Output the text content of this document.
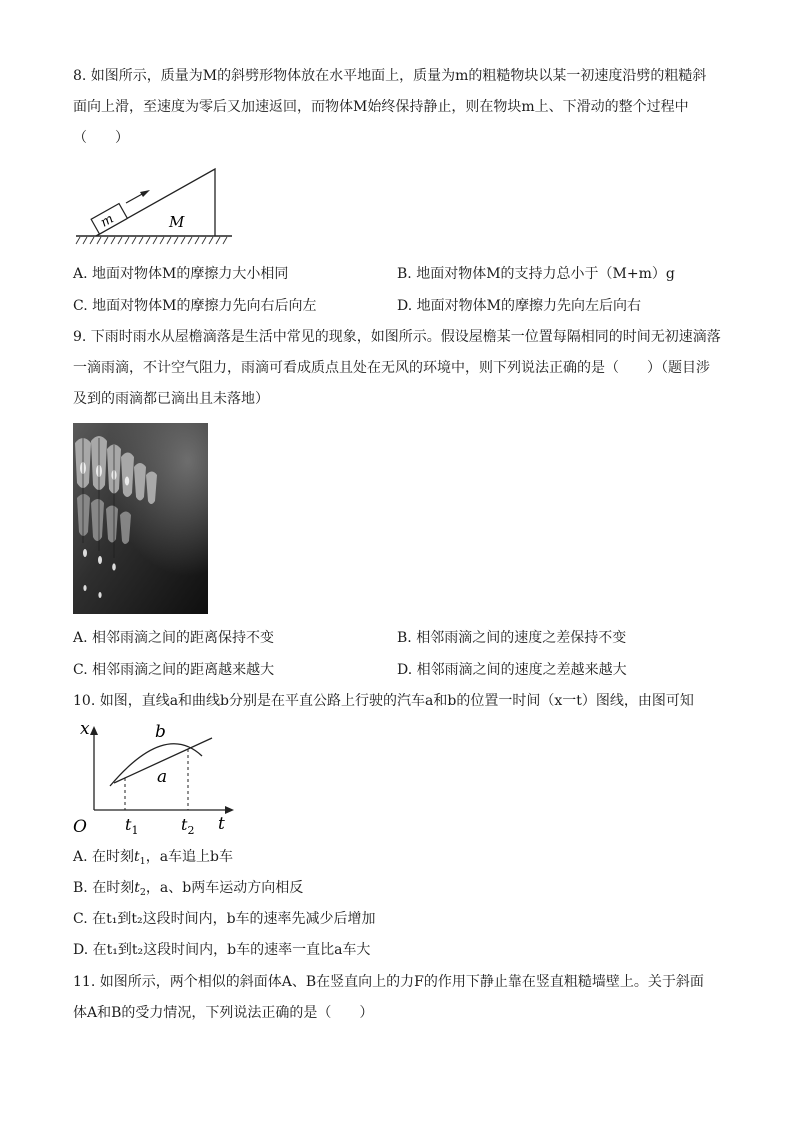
8. 如图所示，质量为M的斜劈形物体放在水平地面上，质量为m的粗糙物块以某一初速度沿劈的粗糙斜
面向上滑，至速度为零后又加速返回，而物体M始终保持静止，则在物块m上、下滑动的整个过程中
（　　）
m	M
A. 地面对物体M的摩擦力大小相同	B. 地面对物体M的支持力总小于（M+m）g
C. 地面对物体M的摩擦力先向右后向左	D. 地面对物体M的摩擦力先向左后向右
9. 下雨时雨水从屋檐滴落是生活中常见的现象，如图所示。假设屋檐某一位置每隔相同的时间无初速滴落
一滴雨滴，不计空气阻力，雨滴可看成质点且处在无风的环境中，则下列说法正确的是（　　）（题目涉
及到的雨滴都已滴出且未落地）
A. 相邻雨滴之间的距离保持不变	B. 相邻雨滴之间的速度之差保持不变
C. 相邻雨滴之间的距离越来越大	D. 相邻雨滴之间的速度之差越来越大
10. 如图，直线a和曲线b分别是在平直公路上行驶的汽车a和b的位置一时间（x一t）图线，由图可知
x
t
O
b
a
$t_1$	$t_2$
A. 在时刻$t_1$，a车追上b车
B. 在时刻$t_2$，a、b两车运动方向相反
C. 在t₁到t₂这段时间内，b车的速率先减少后增加
D. 在t₁到t₂这段时间内，b车的速率一直比a车大
11. 如图所示，两个相似的斜面体A、B在竖直向上的力F的作用下静止靠在竖直粗糙墙壁上。关于斜面
体A和B的受力情况，下列说法正确的是（　　）
